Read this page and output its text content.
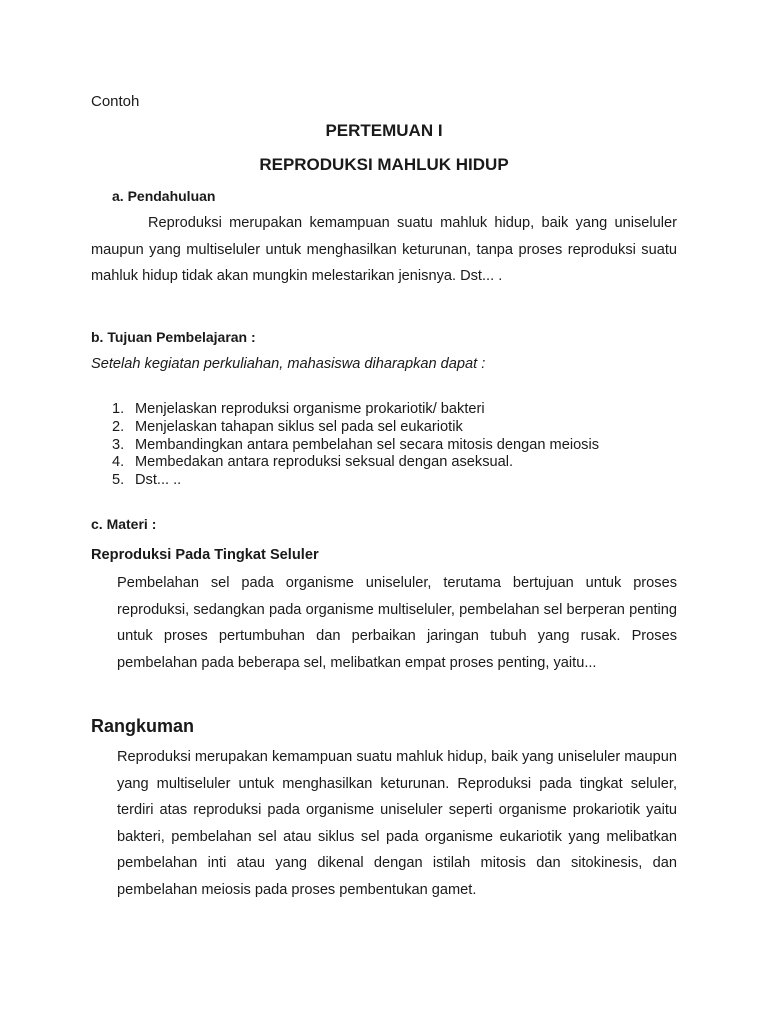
Contoh

PERTEMUAN I

REPRODUKSI MAHLUK HIDUP

a. Pendahuluan

Reproduksi merupakan kemampuan suatu mahluk hidup, baik yang uniseluler maupun yang multiseluler untuk menghasilkan keturunan, tanpa proses reproduksi suatu mahluk hidup tidak akan mungkin melestarikan jenisnya. Dst... .

b. Tujuan Pembelajaran :

Setelah kegiatan perkuliahan, mahasiswa diharapkan dapat :

1. Menjelaskan reproduksi organisme prokariotik/ bakteri
2. Menjelaskan tahapan siklus sel pada sel eukariotik
3. Membandingkan antara pembelahan sel secara mitosis dengan meiosis
4. Membedakan antara reproduksi seksual dengan aseksual.
5. Dst... ..

c. Materi :

Reproduksi Pada Tingkat Seluler

Pembelahan sel pada organisme uniseluler, terutama bertujuan untuk proses reproduksi, sedangkan pada organisme multiseluler, pembelahan sel berperan penting untuk proses pertumbuhan dan perbaikan jaringan tubuh yang rusak. Proses pembelahan pada beberapa sel, melibatkan empat proses penting, yaitu...

Rangkuman

Reproduksi merupakan kemampuan suatu mahluk hidup, baik yang uniseluler maupun yang multiseluler untuk menghasilkan keturunan. Reproduksi pada tingkat seluler, terdiri atas reproduksi pada organisme uniseluler seperti organisme prokariotik yaitu bakteri, pembelahan sel atau siklus sel pada organisme eukariotik yang melibatkan pembelahan inti atau yang dikenal dengan istilah mitosis dan sitokinesis, dan pembelahan meiosis pada proses pembentukan gamet.
